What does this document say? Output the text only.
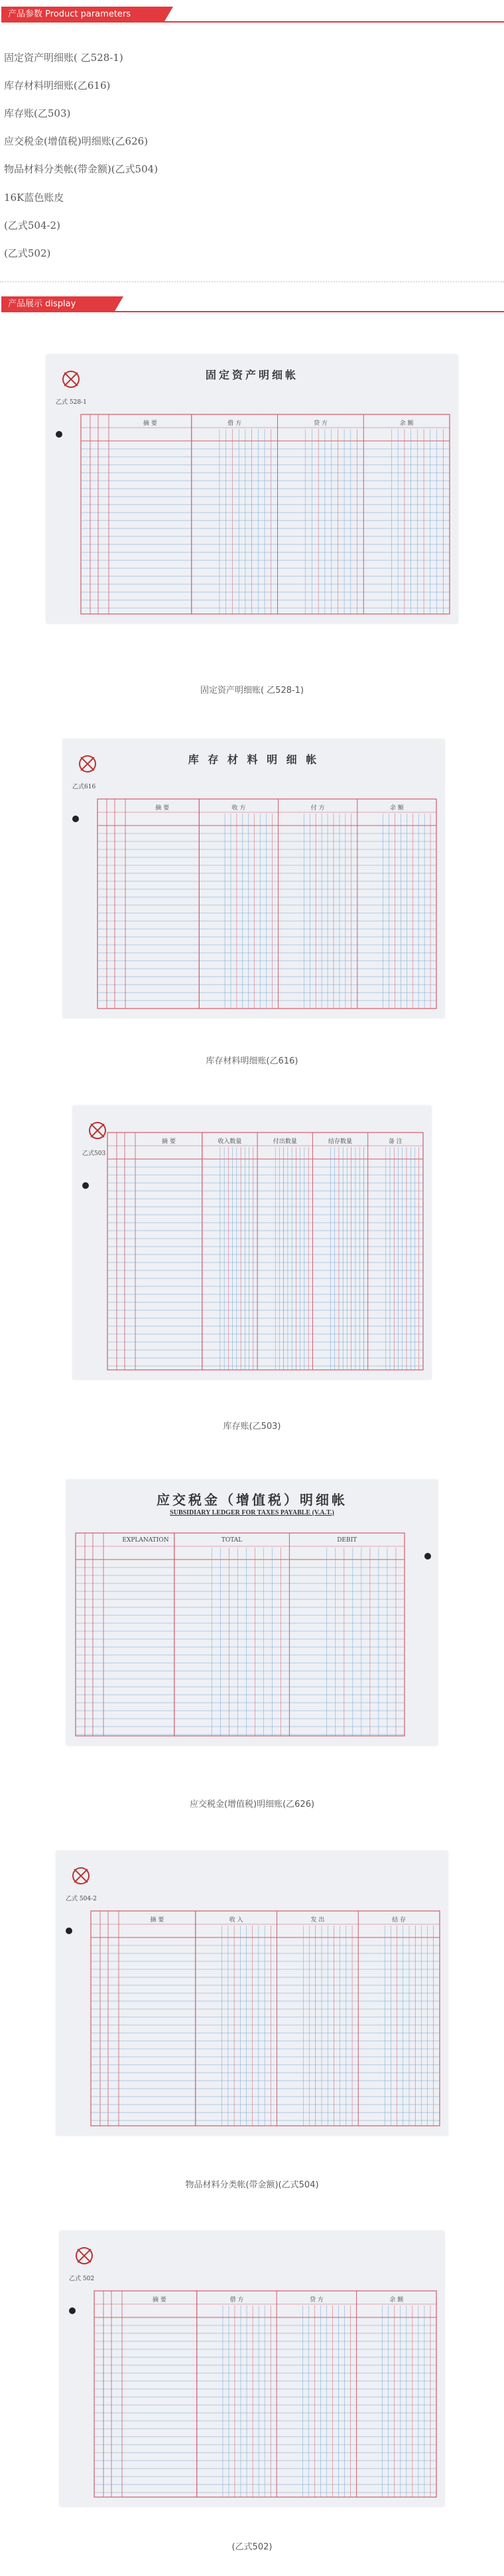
产品参数 Product parameters
固定资产明细账( 乙528-1)
库存材料明细账(乙616)
库存账(乙503)
应交税金(增值税)明细账(乙626)
物品材料分类帐(带金额)(乙式504)
16K蓝色账皮
(乙式504-2)
(乙式502)
产品展示 display
固定资产明细帐
乙式 528-1
摘 要	借 方	贷 方	余 额
固定资产明细账( 乙528-1)
库 存 材 料 明 细 帐
乙式616
摘 要	收 方	付 方	余 额
库存材料明细账(乙616)
乙式503
摘 要	收入数量	付出数量	结存数量	备 注
库存账(乙503)
应交税金（增值税）明细帐
SUBSIDIARY LEDGER FOR TAXES PAYABLE (V.A.T.)
EXPLANATION	TOTAL	DEBIT
应交税金(增值税)明细账(乙626)
乙式 504-2
摘 要	收 入	发 出	结 存
物品材料分类帐(带金额)(乙式504)
乙式 502
摘 要	借 方	贷 方	余 额
(乙式502)
